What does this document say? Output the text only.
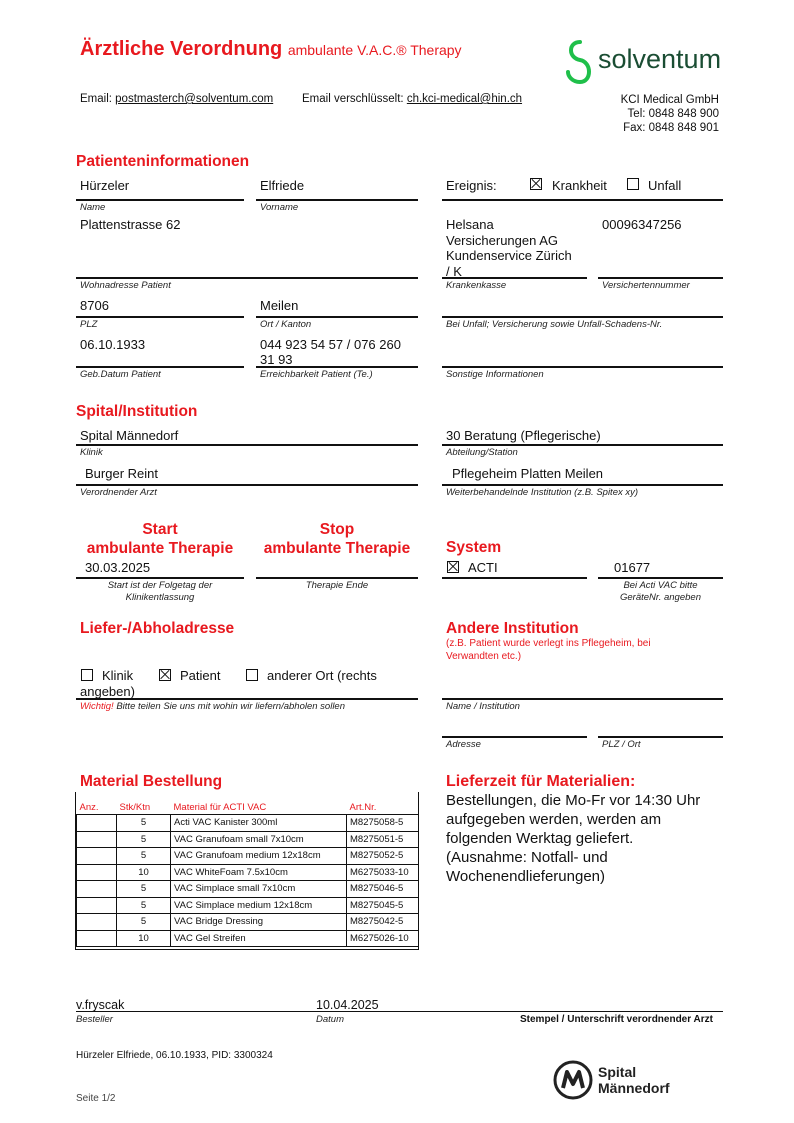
Ärztliche Verordnung ambulante V.A.C.® Therapy	solventum
Email: postmasterch@solventum.com	Email verschlüsselt: ch.kci-medical@hin.ch	KCI Medical GmbH
Tel: 0848 848 900
Fax: 0848 848 901
Patienteninformationen
Hürzeler
Name
Elfriede
Vorname
Ereignis:	Krankheit	Unfall
Plattenstrasse 62
Wohnadresse Patient
Helsana
Versicherungen AG
Kundenservice Zürich
/ K
Krankenkasse
00096347256
Versichertennummer
8706
PLZ
Meilen
Ort / Kanton	Bei Unfall; Versicherung sowie Unfall-Schadens-Nr.
06.10.1933
Geb.Datum Patient
044 923 54 57 / 076 260
31 93
Erreichbarkeit Patient (Te.)	Sonstige Informationen
Spital/Institution
Spital Männedorf
Klinik
30 Beratung (Pflegerische)
Abteilung/Station
Burger Reint
Verordnender Arzt
Pflegeheim Platten Meilen
Weiterbehandelnde Institution (z.B. Spitex xy)
Start
ambulante Therapie
Stop
ambulante Therapie
30.03.2025
Start ist der Folgetag der
Klinikentlassung
Therapie Ende
System
ACTI	01677
Bei Acti VAC bitte
GeräteNr. angeben
Liefer-/Abholadresse
Klinik	Patient	anderer Ort (rechts
angeben)
Wichtig! Bitte teilen Sie uns mit wohin wir liefern/abholen sollen
Andere Institution
(z.B. Patient wurde verlegt ins Pflegeheim, bei
Verwandten etc.)
Name / Institution
Adresse	PLZ / Ort
Material Bestellung
Anz.	Stk/Ktn	Material für ACTI VAC	Art.Nr.
	5	Acti VAC Kanister 300ml	M8275058-5
	5	VAC Granufoam small 7x10cm	M8275051-5
	5	VAC Granufoam medium 12x18cm	M8275052-5
	10	VAC WhiteFoam 7.5x10cm	M6275033-10
	5	VAC Simplace small 7x10cm	M8275046-5
	5	VAC Simplace medium 12x18cm	M8275045-5
	5	VAC Bridge Dressing	M8275042-5
	10	VAC Gel Streifen	M6275026-10
Lieferzeit für Materialien:
Bestellungen, die Mo-Fr vor 14:30 Uhr
aufgegeben werden, werden am
folgenden Werktag geliefert.
(Ausnahme: Notfall- und
Wochenendlieferungen)
v.fryscak	10.04.2025
Besteller	Datum	Stempel / Unterschrift verordnender Arzt
Hürzeler Elfriede, 06.10.1933, PID: 3300324
Seite 1/2
Spital
Männedorf
